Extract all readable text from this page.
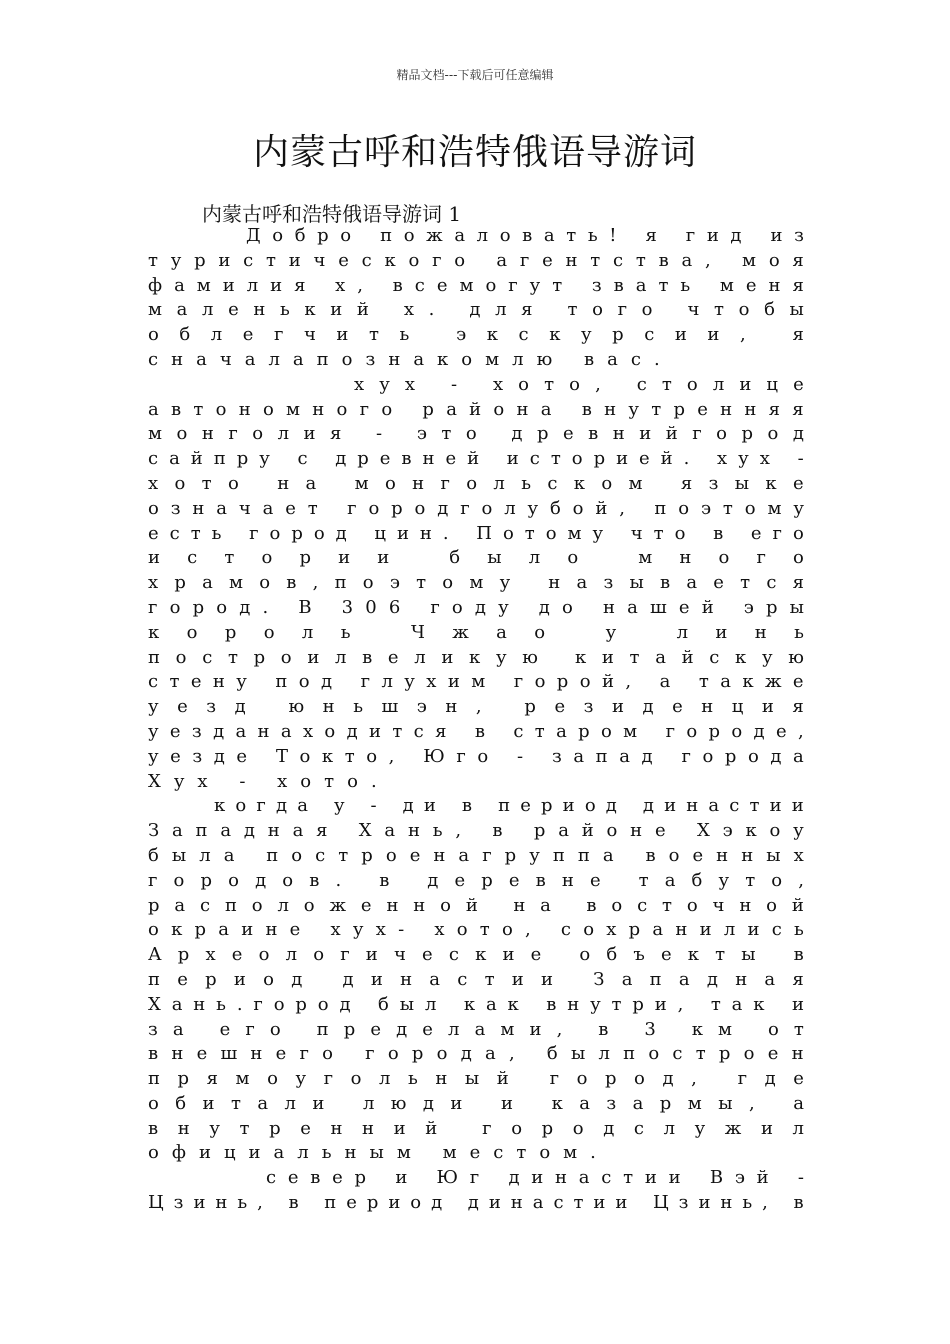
精品文档---下载后可任意编辑
内蒙古呼和浩特俄语导游词
内蒙古呼和浩特俄语导游词 1
Д о б р о
п о ж а л о в а т ь !
я
г и д
и з
т у р и с т и ч е с к о г о
а г е н т с т в а ,
м о я
ф а м и л и я
x ,
в с е м о г у т
з в а т ь
м е н я
м а л е н ь к и й
x .
д л я
т о г о
ч т о б ы
о б л е г ч и т ь
	э к с к у р с и и ,
	я
с н а ч а л а п о з н а к о м л ю
в а с .
х у х
-
х о т о ,
с т о л и ц е
а в т о н о м н о г о
р а й о н а
в н у т р е н н я я
м о н г о л и я
-
э т о
д р е в н и й г о р о д
с а й п р у
с
д р е в н е й
и с т о р и е й .
х у х
-
х о т о
н а
м о н г о л ь с к о м
я з ы к е
о з н а ч а е т
г о р о д г о л у б о й ,
п о э т о м у
е с т ь
г о р о д
ц и н .
П о т о м у
ч т о
в
е г о
и с т о р и и
	б ы л о
	м н о г о
х р а м о в , п о э т о м у
н а з ы в а е т с я
г о р о д .
В
3 0 6
г о д у
д о
н а ш е й
э р ы
к о р о л ь
	Ч ж а о
	у
	л и н ь
п о с т р о и л в е л и к у ю
к и т а й с к у ю
с т е н у
п о д
г л у х и м
г о р о й ,
а
т а к ж е
у е з д
ю н ь ш э н ,
р е з и д е н ц и я
у е з д а н а х о д и т с я
в
с т а р о м
г о р о д е ,
у е з д е
Т о к т о ,
Ю г о
-
з а п а д
г о р о д а
Х у х
-
х о т о .
к о г д а
у
-
д и
в
п е р и о д
д и н а с т и и
З а п а д н а я
Х а н ь ,
в
р а й о н е
Х э к о у
б ы л а
п о с т р о е н а г р у п п а
в о е н н ы х
г о р о д о в .
в
д е р е в н е
т а б у т о ,
р а с п о л о ж е н н о й
н а
в о с т о ч н о й
о к р а и н е
х у х -
х о т о ,
с о х р а н и л и с ь
А р х е о л о г и ч е с к и е
о б ъ е к т ы
в
п е р и о д
д и н а с т и и
З а п а д н а я
Х а н ь . г о р о д
б ы л
к а к
в н у т р и ,
т а к
и
з а
е г о
п р е д е л а м и ,
в
3
к м
о т
в н е ш н е г о
г о р о д а ,
б ы л п о с т р о е н
п р я м о у г о л ь н ы й
г о р о д ,
г д е
о б и т а л и
л ю д и
и
к а з а р м ы ,
а
в н у т р е н н и й
г о р о д с л у ж и л
о ф и ц и а л ь н ы м
м е с т о м .
с е в е р
и
Ю г
д и н а с т и и
В э й
-
Ц з и н ь ,
в
п е р и о д
д и н а с т и и
Ц з и н ь ,
в
